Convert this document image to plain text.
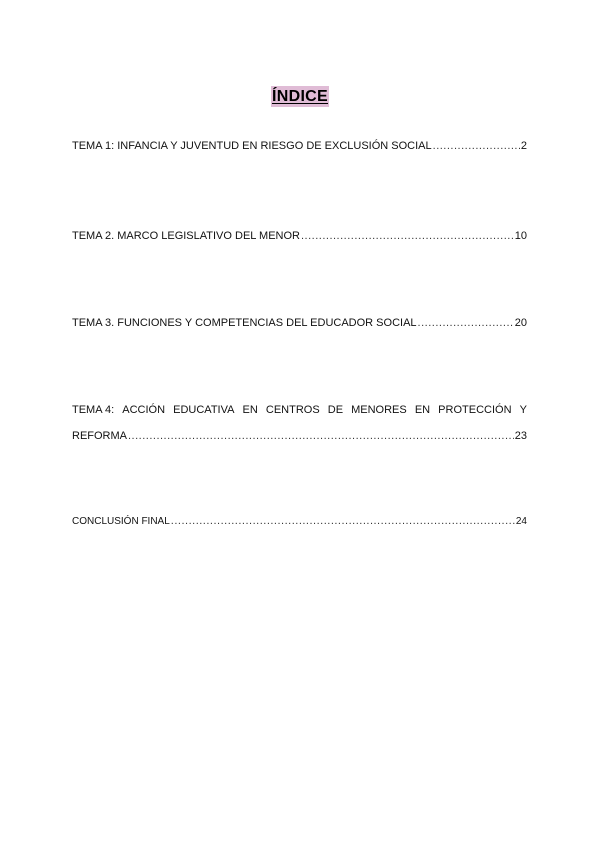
ÍNDICE
TEMA 1: INFANCIA Y JUVENTUD EN RIESGO DE EXCLUSIÓN SOCIAL .....	2
TEMA 2. MARCO LEGISLATIVO DEL MENOR .....	10
TEMA 3. FUNCIONES Y COMPETENCIAS DEL EDUCADOR SOCIAL .....	20
TEMA 4: ACCIÓN EDUCATIVA EN CENTROS DE MENORES EN PROTECCIÓN Y
REFORMA .....	23
CONCLUSIÓN FINAL .....	24
